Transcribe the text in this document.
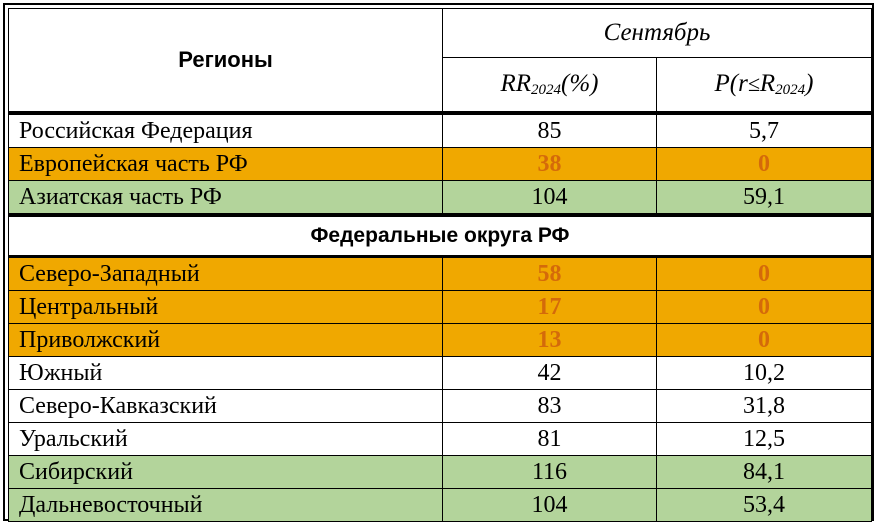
Регионы	Сентябрь	
	$RR_{2024}(\%)$	$P(r\le R_{2024})$
Российская Федерация	85	5,7
Европейская часть РФ	38	0
Азиатская часть РФ	104	59,1
Федеральные округа РФ		
Северо-Западный	58	0
Центральный	17	0
Приволжский	13	0
Южный	42	10,2
Северо-Кавказский	83	31,8
Уральский	81	12,5
Сибирский	116	84,1
Дальневосточный	104	53,4
